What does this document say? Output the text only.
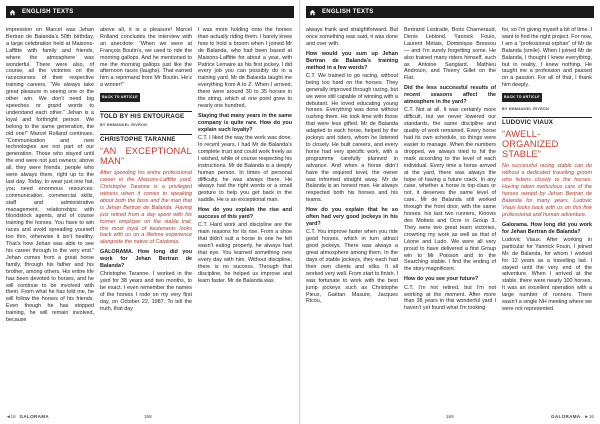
ENGLISH TEXTS

impression on Marcel was Jehan Bertran de Balanda’s 50th birthday, a large celebration held at Maisons-Laffitte with family and friends, where the atmosphere was wonderful. There were also, of course, all the victories on the racecourses of their respective training careers. “We always take great pleasure in seeing one or the other win. We don’t need big speeches or grand words to understand each other.” Jehan is a loyal and forthright person. We belong to the same generation, the old one!” Marcel Rolland continues. “Communication and new technologies are not part of our generation. Those who stayed until the end were not just owners; above all, they were friends, people who were always there, right up to the last day. Today, to wear just one hat, you need enormous resources: communication, commercial skills, staff and administrative management, relationships with bloodstock agents, and of course training the horses. You have to win races and avoid spreading yourself too thin, otherwise it isn’t healthy. That’s how Jehan was able to see his career through to the very end.” Jehan comes from a great horse family, through his father and his brother, among others. His entire life has been devoted to horses, and he will continue to be involved with them. From what he has told me, he will follow the horses of his friends. Even though he has stopped training, he will remain involved, because

above all, it is a pleasure! Marcel Rolland concludes the interview with an anecdote: “When we were at François Boutin’s, we used to ride the morning gallops. And he mentioned to me the morning gallops just like the afternoon races (laughs). That earned him a reprimand from Mr Boutin. He’s a winner!”

BACK TO ARTICLE
TOLD BY HIS ENTOURAGE
BY EMMANUEL RIVRON
CHRISTOPHE TARANNE
“AN EXCEPTIONAL MAN”

After spending his entire professional career in the Maisons-Laffitte yard, Christophe Taranne is a privileged witness when it comes to speaking about both the boss and the man that is Jehan Bertran de Balanda. Having just retired from a day spent with his former employer on the stable trail, this most loyal of lieutenants looks back with us on a lifetime experience alongside the native of Catalonia.

GALORAMA. How long did you work for Jehan Bertran de Balanda?

Christophe Taranne. I worked in the yard for 38 years and two months, to be exact. I even remember the names of the horses I rode on my very first day, on October 22, 1987. To tell the truth, that day

I was more holding onto the horses than actually riding them. I barely knew how to hold a broom when I joined Mr de Balanda, who had been based at Maisons-Laffitte for about a year, with Patrice Lemaire as his first jockey. I did every job you can possibly do in a training yard. Mr de Balanda taught me everything from A to Z. When I arrived, there were around 30 to 35 horses in the string, which at one point grew to nearly one hundred.

Staying that many years in the same company is quite rare. How do you explain such loyalty?

C.T. I liked the way the work was done. In recent years, I had Mr de Balanda’s complete trust and could work freely as I wished, while of course respecting his instructions. Mr de Balanda is a deeply human person. In times of personal difficulty, he was always there. He always had the right words or a small gesture to help you get back in the saddle. He is an exceptional man.

How do you explain the rise and success of this yard?

C.T. Hard work and discipline are the main reasons for its rise. From a shoe that didn’t suit a horse to one he felt wasn’t eating properly, he always had that eye. You learned something new every day with him. Without discipline, there is no success. Through that discipline, he helped us improve and learn faster. Mr de Balanda was

◄16 GALORAMA	168
ENGLISH TEXTS

always frank and straightforward. But once something was said, it was done and over with.

How would you sum up Jehan Bertran de Balanda’s training method in a few words?

C.T. We trained to go racing, without being too hard on the horses. They generally improved through racing, but we were still capable of winning with a debutant. He loved educating young horses. Everything was done without rushing them. He took time with those that were less gifted. Mr de Balanda adapted to each horse, helped by the jockeys and riders, whom he listened to closely. He built careers, and every horse had very specific work, with a programme carefully planned in advance. And when a horse didn’t have the required level, the owner was informed straight away. Mr de Balanda is an honest man. He always respected both his horses and his teams.

How do you explain that he so often had very good jockeys in his yard?

C.T. You improve faster when you ride good horses, which in turn attract good jockeys. There was always a great atmosphere among them. In the days of stable jockeys, they each had their own clients and silks. It all worked very well. From start to finish, I was fortunate to work with the best jump jockeys such as Christophe Pieux, Gaëtan Masure, Jacques Ricou,

Bertrand Lestrade, Boris Chameraud, Denis Leblond, Yannick Fouin, Laurent Métais, Dominique Bressou — and I’m surely forgetting some. He also trained many riders himself, such as Antoine Sanglard, Mathieu Androuin, and Thierry Gillet on the Flat.

Did the less successful results of recent seasons affect the atmosphere in the yard?

C.T. Not at all. It was certainly more difficult, but we never lowered our standards, the same discipline and quality of work remained. Every horse had its own schedule, so things were easier to manage. When the numbers dropped, we always tried to hit the mark according to the level of each individual. Every time a horse arrived at the yard, there was always the hope of having a future crack. In any case, whether a horse is top-class or not, it deserves the same level of care. Mr de Balanda still worked through the front door, with the same horses: his last two runners, Kinovis des Motteis and Ocre in Group 3. They were two great team victories, crowning my work as well as that of Léone and Ludo. We were all very proud to have delivered a first Group win to Mr Poisson and to the Searching stable. I find the ending of the story magnificent.

How do you see your future?

C.T. I’m not retired, but I’m not working at the moment. After more than 38 years in this wonderful yard I haven’t yet found what I’m looking

for, so I’m giving myself a bit of time. I want to find the right project. For now, I am a “professional orphan” of Mr de Balanda (smile). When I joined Mr de Balanda, I thought I knew everything, but in reality, I knew nothing. He taught me a profession and passed on a passion. For all of that, I thank him deeply.

BACK TO ARTICLE
BY EMMANUEL RIVRON
LUDOVIC VIAUX
“AWELL-ORGANIZED STABLE”

No successful racing stable can do without a dedicated travelling groom who listens closely to the horses. Having taken meticulous care of the horses owned by Jehan Bertran de Balanda for many years, Ludovic Viaux looks back with us on this fine professional and human adventure.

Galorama. How long did you work for Jehan Bertran de Balanda?

Ludovic Viaux. After working in particular for Yannick Fouin, I joined Mr. de Balanda, for whom I worked for 12 years as a travelling lad. I stayed until the very end of the adventure. When I arrived at the stable, there were nearly 100 horses. It was an excellent operation with a large number of runners. There wasn’t a single NH meeting where we were not represented.

169	GALORAMA ►16
